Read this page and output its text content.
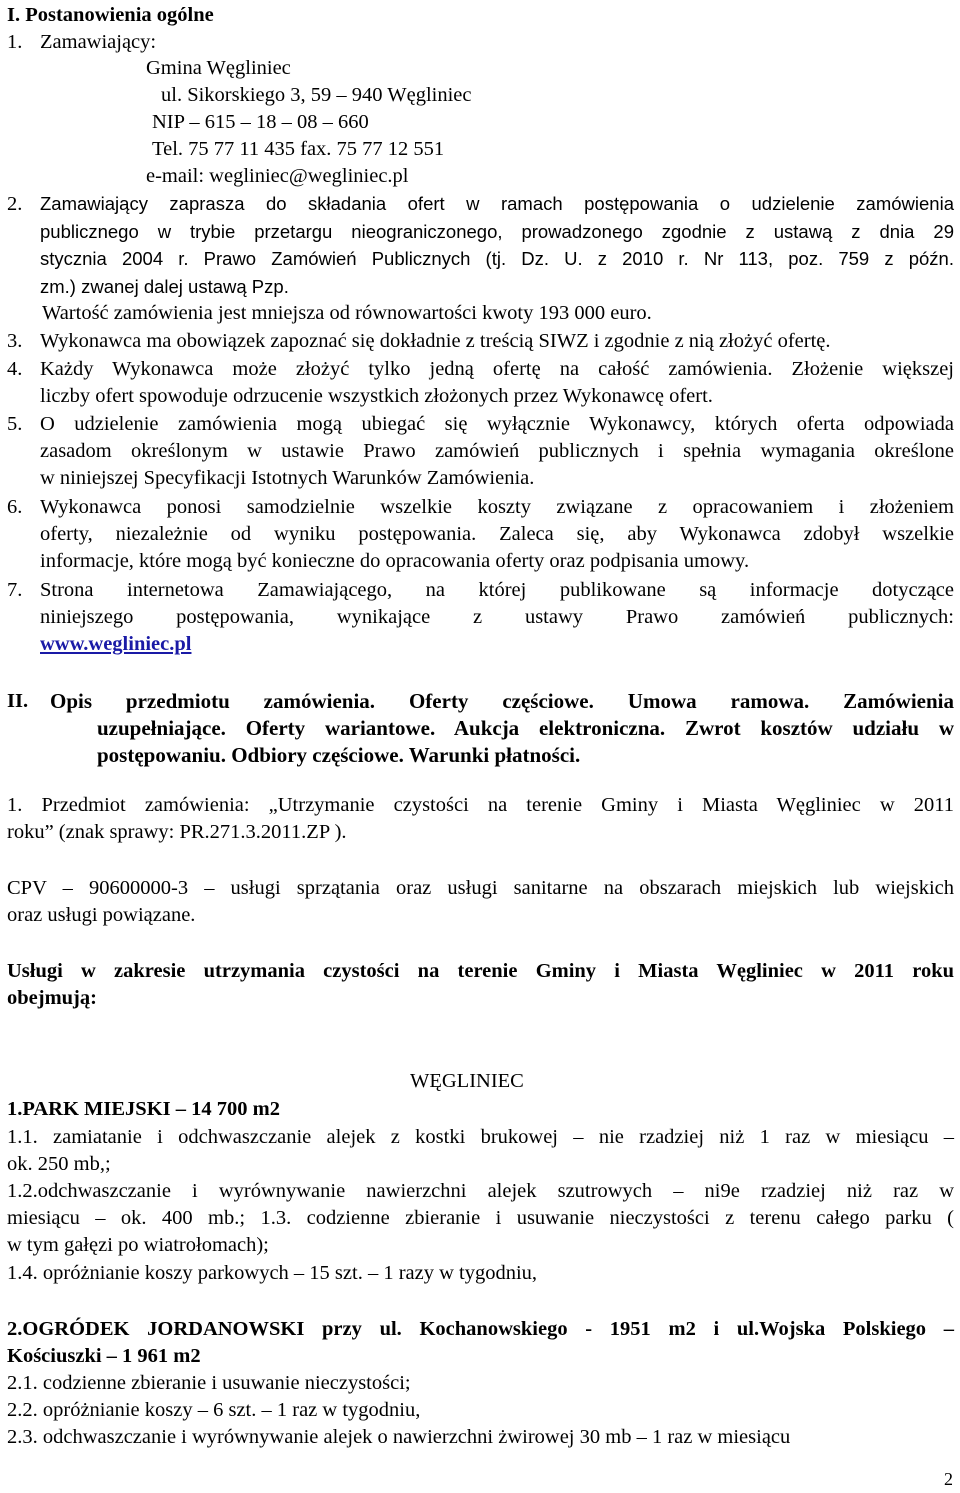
I. Postanowienia ogólne
1. Zamawiający:
Gmina Węgliniec
ul. Sikorskiego 3, 59 – 940 Węgliniec
NIP – 615 – 18 – 08 – 660
Tel. 75 77 11 435 fax. 75 77 12 551
e-mail: wegliniec@wegliniec.pl
2. Zamawiający zaprasza do składania ofert w ramach postępowania o udzielenie zamówienia
publicznego w trybie przetargu nieograniczonego, prowadzonego zgodnie z ustawą z dnia 29
stycznia 2004 r. Prawo Zamówień Publicznych (tj. Dz. U. z 2010 r. Nr 113, poz. 759 z późn.
zm.) zwanej dalej ustawą Pzp.
Wartość zamówienia jest mniejsza od równowartości kwoty 193 000 euro.
3. Wykonawca ma obowiązek zapoznać się dokładnie z treścią SIWZ i zgodnie z nią złożyć ofertę.
4. Każdy Wykonawca może złożyć tylko jedną ofertę na całość zamówienia. Złożenie większej
liczby ofert spowoduje odrzucenie wszystkich złożonych przez Wykonawcę ofert.
5. O udzielenie zamówienia mogą ubiegać się wyłącznie Wykonawcy, których oferta odpowiada
zasadom określonym w ustawie Prawo zamówień publicznych i spełnia wymagania określone
w niniejszej Specyfikacji Istotnych Warunków Zamówienia.
6. Wykonawca ponosi samodzielnie wszelkie koszty związane z opracowaniem i złożeniem
oferty, niezależnie od wyniku postępowania. Zaleca się, aby Wykonawca zdobył wszelkie
informacje, które mogą być konieczne do opracowania oferty oraz podpisania umowy.
7. Strona internetowa Zamawiającego, na której publikowane są informacje dotyczące
niniejszego postępowania, wynikające z ustawy Prawo zamówień publicznych:
www.wegliniec.pl
II. Opis przedmiotu zamówienia. Oferty częściowe. Umowa ramowa. Zamówienia
uzupełniające. Oferty wariantowe. Aukcja elektroniczna. Zwrot kosztów udziału w
postępowaniu. Odbiory częściowe. Warunki płatności.
1. Przedmiot zamówienia: „Utrzymanie czystości na terenie Gminy i Miasta Węgliniec w 2011
roku” (znak sprawy: PR.271.3.2011.ZP ).
CPV – 90600000-3 – usługi sprzątania oraz usługi sanitarne na obszarach miejskich lub wiejskich
oraz usługi powiązane.
Usługi w zakresie utrzymania czystości na terenie Gminy i Miasta Węgliniec w 2011 roku
obejmują:
WĘGLINIEC
1.PARK MIEJSKI – 14 700 m2
1.1. zamiatanie i odchwaszczanie alejek z kostki brukowej – nie rzadziej niż 1 raz w miesiącu –
ok. 250 mb,;
1.2.odchwaszczanie i wyrównywanie nawierzchni alejek szutrowych – ni9e rzadziej niż raz w
miesiącu – ok. 400 mb.; 1.3. codzienne zbieranie i usuwanie nieczystości z terenu całego parku (
w tym gałęzi po wiatrołomach);
1.4. opróżnianie koszy parkowych – 15 szt. – 1 razy w tygodniu,
2.OGRÓDEK JORDANOWSKI przy ul. Kochanowskiego - 1951 m2 i ul.Wojska Polskiego –
Kościuszki – 1 961 m2
2.1. codzienne zbieranie i usuwanie nieczystości;
2.2. opróżnianie koszy – 6 szt. – 1 raz w tygodniu,
2.3. odchwaszczanie i wyrównywanie alejek o nawierzchni żwirowej 30 mb – 1 raz w miesiącu
2
